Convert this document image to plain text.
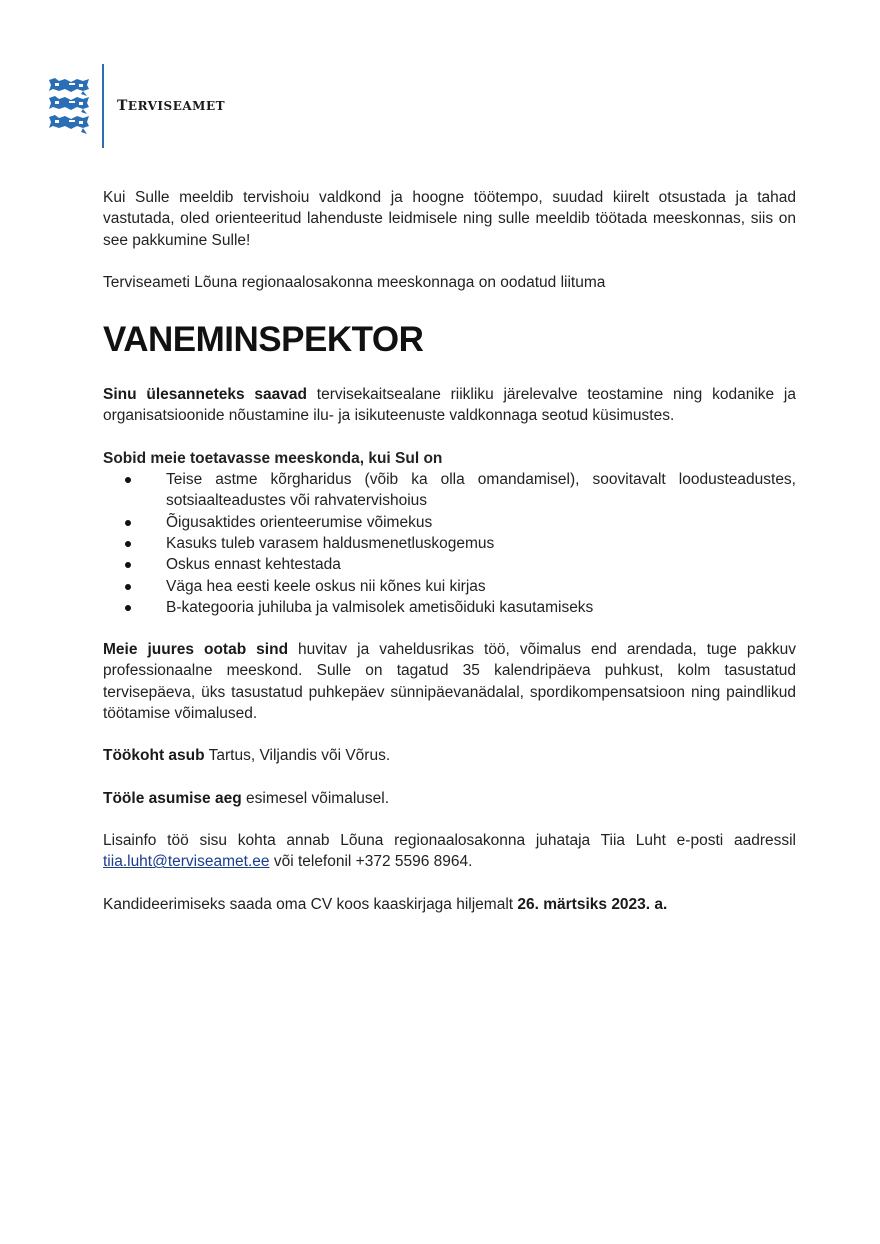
TERVISEAMET

Kui Sulle meeldib tervishoiu valdkond ja hoogne töötempo, suudad kiirelt otsustada ja tahad vastutada, oled orienteeritud lahenduste leidmisele ning sulle meeldib töötada meeskonnas, siis on see pakkumine Sulle!

Terviseameti Lõuna regionaalosakonna meeskonnaga on oodatud liituma

VANEMINSPEKTOR

Sinu ülesanneteks saavad tervisekaitsealane riikliku järelevalve teostamine ning kodanike ja organisatsioonide nõustamine ilu- ja isikuteenuste valdkonnaga seotud küsimustes.

Sobid meie toetavasse meeskonda, kui Sul on

Teise astme kõrgharidus (võib ka olla omandamisel), soovitavalt loodusteadustes, sotsiaalteadustes või rahvatervishoius
Õigusaktides orienteerumise võimekus
Kasuks tuleb varasem haldusmenetluskogemus
Oskus ennast kehtestada
Väga hea eesti keele oskus nii kõnes kui kirjas
B-kategooria juhiluba ja valmisolek ametisõiduki kasutamiseks

Meie juures ootab sind huvitav ja vaheldusrikas töö, võimalus end arendada, tuge pakkuv professionaalne meeskond. Sulle on tagatud 35 kalendripäeva puhkust, kolm tasustatud tervisepäeva, üks tasustatud puhkepäev sünnipäevanädalal, spordikompensatsioon ning paindlikud töötamise võimalused.

Töökoht asub Tartus, Viljandis või Võrus.

Tööle asumise aeg esimesel võimalusel.

Lisainfo töö sisu kohta annab Lõuna regionaalosakonna juhataja Tiia Luht e-posti aadressil tiia.luht@terviseamet.ee või telefonil +372 5596 8964.

Kandideerimiseks saada oma CV koos kaaskirjaga hiljemalt 26. märtsiks 2023. a.
